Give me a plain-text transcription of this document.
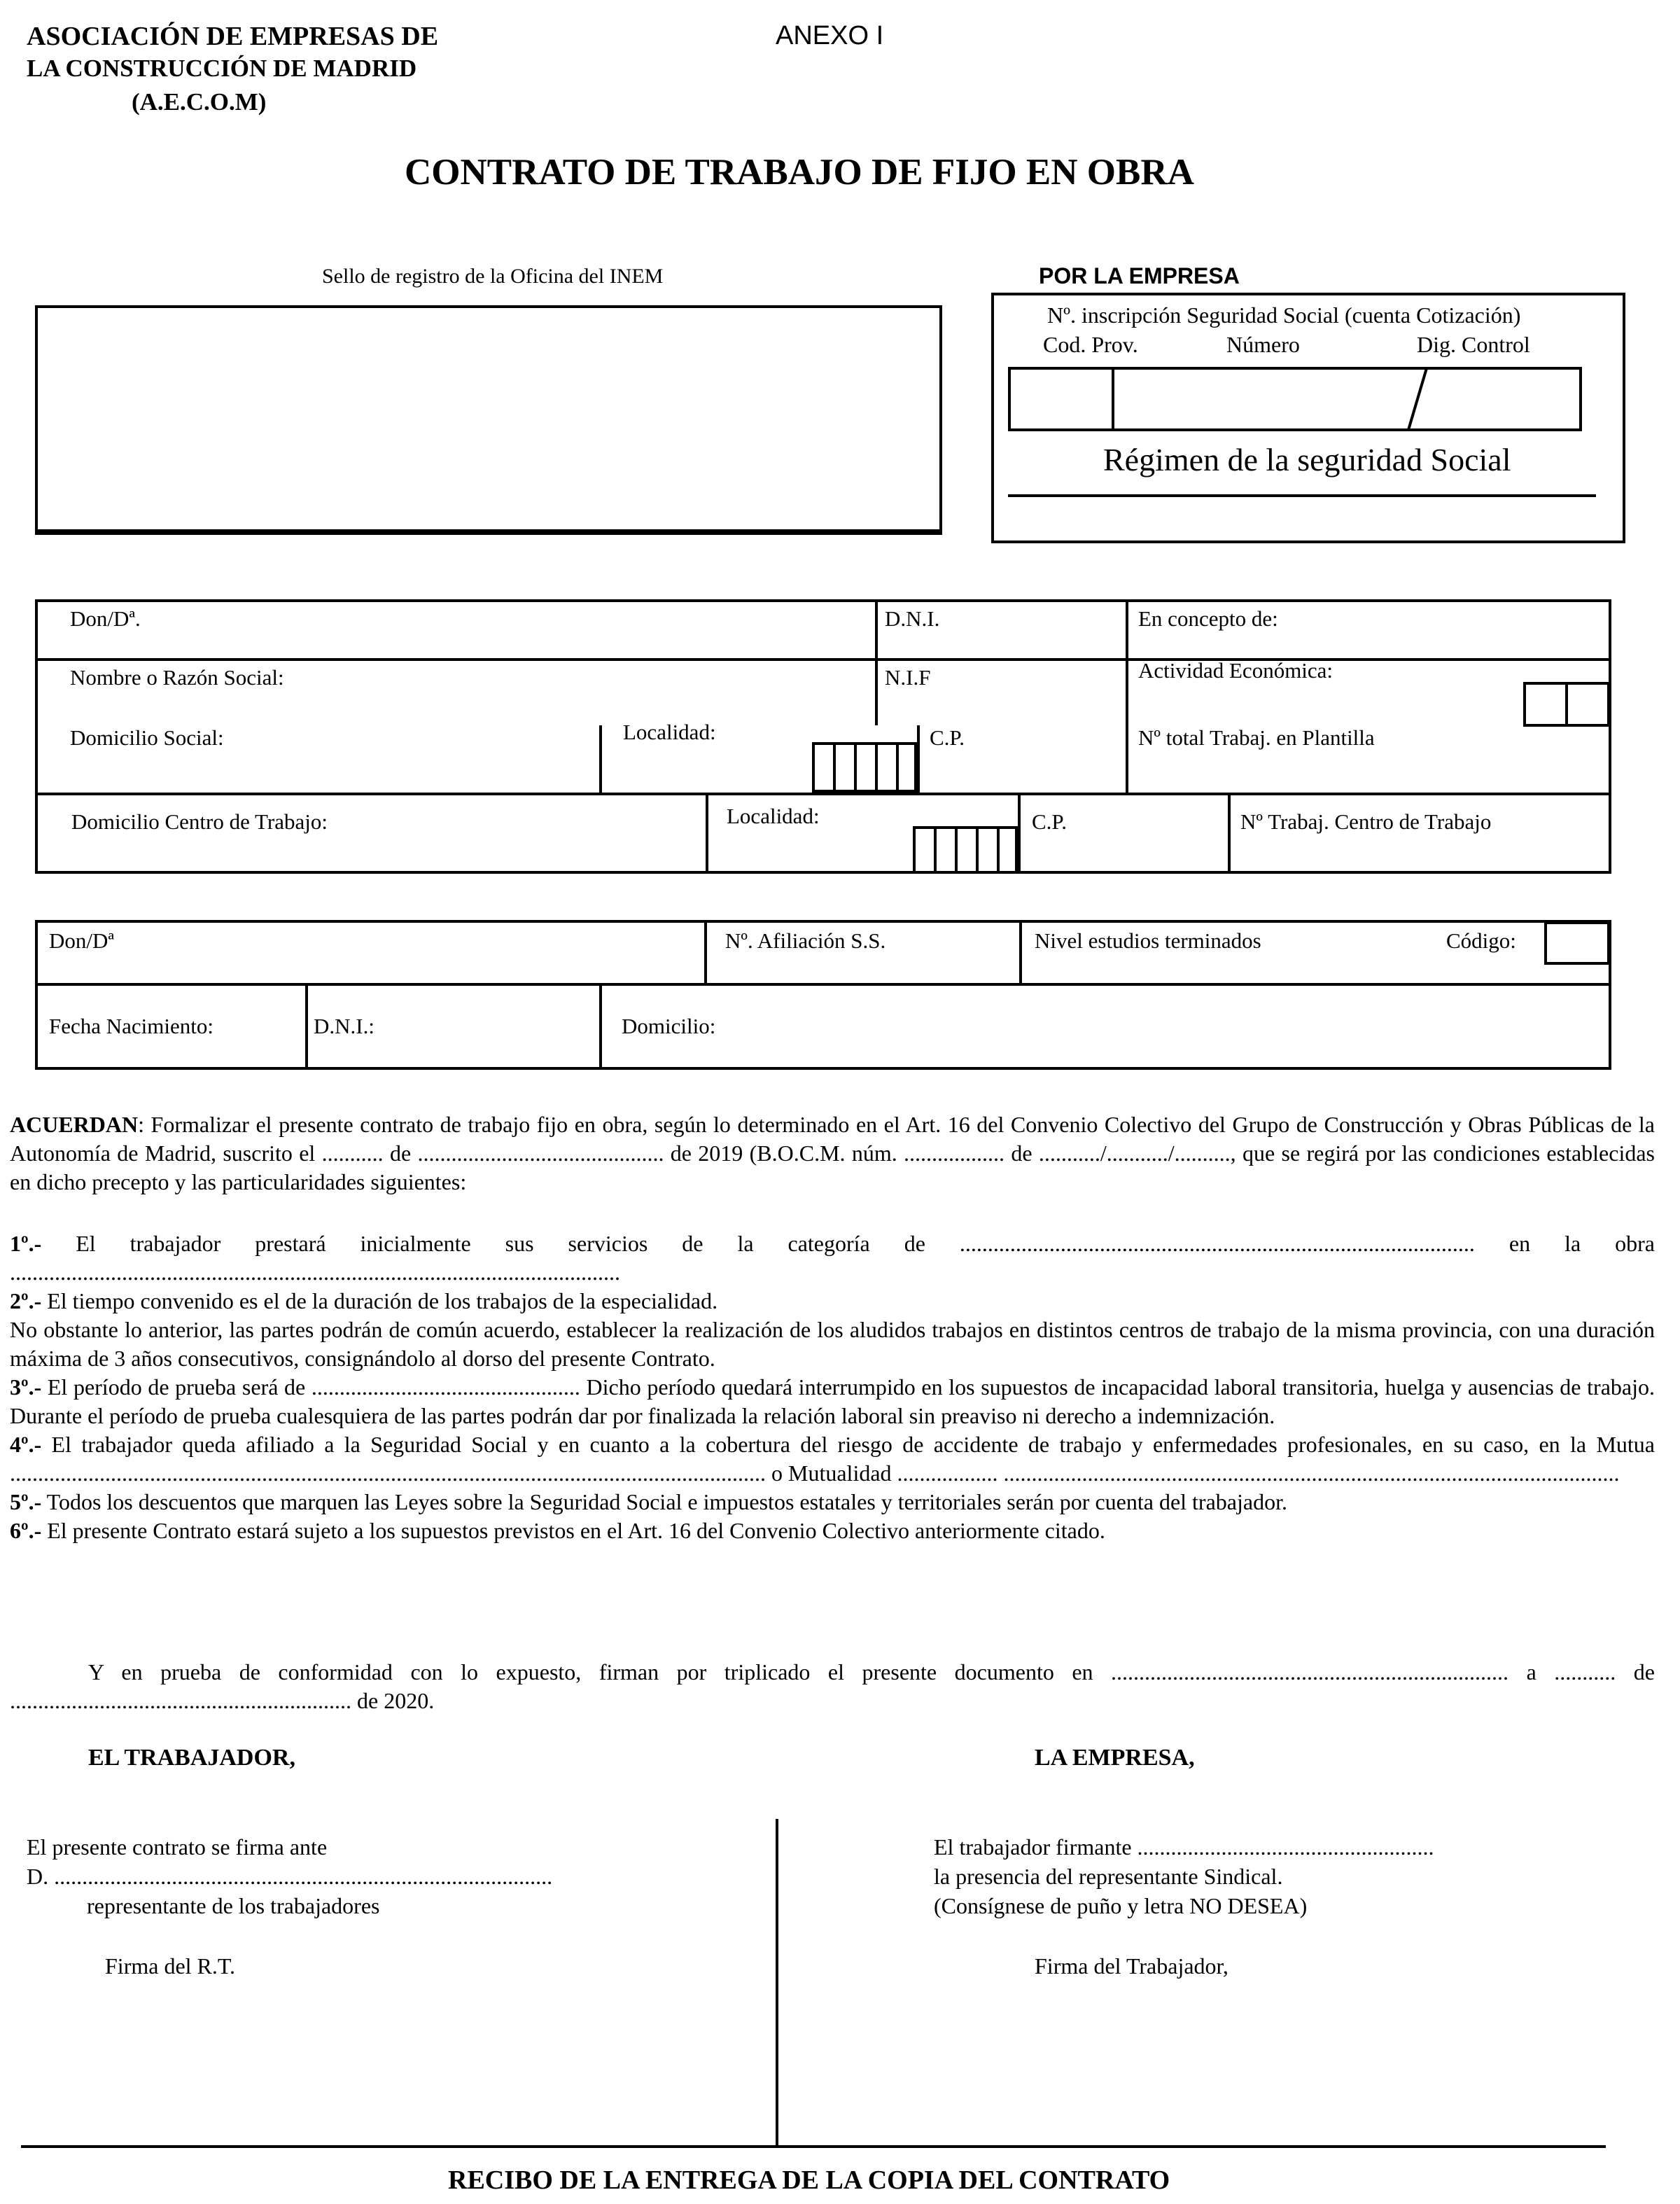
ASOCIACIÓN DE EMPRESAS DE
LA CONSTRUCCIÓN DE MADRID
(A.E.C.O.M)
ANEXO I
CONTRATO DE TRABAJO DE FIJO EN OBRA
Sello de registro de la Oficina del INEM	POR LA EMPRESA
Nº. inscripción Seguridad Social (cuenta Cotización)
Cod. Prov.	Número	Dig. Control
Régimen de la seguridad Social
Don/Dª.	D.N.I.	En concepto de:
Nombre o Razón Social:	N.I.F	Actividad Económica:
Domicilio Social:	Localidad:	C.P.	Nº total Trabaj. en Plantilla
Domicilio Centro de Trabajo:	Localidad:	C.P.	Nº Trabaj. Centro de Trabajo
Don/Dª	Nº. Afiliación S.S.	Nivel estudios terminados	Código:
Fecha Nacimiento:	D.N.I.:	Domicilio:

ACUERDAN: Formalizar el presente contrato de trabajo fijo en obra, según lo determinado en el Art. 16 del Convenio Colectivo del Grupo de Construcción y Obras Públicas de la Autonomía de Madrid, suscrito el ........... de ............................................ de 2019 (B.O.C.M. núm. .................. de .........../.........../.........., que se regirá por las condiciones establecidas en dicho precepto y las particularidades siguientes:

1º.- El trabajador prestará inicialmente sus servicios de la categoría de ............................................................................................ en la obra .............................................................................................................

2º.- El tiempo convenido es el de la duración de los trabajos de la especialidad.

No obstante lo anterior, las partes podrán de común acuerdo, establecer la realización de los aludidos trabajos en distintos centros de trabajo de la misma provincia, con una duración máxima de 3 años consecutivos, consignándolo al dorso del presente Contrato.

3º.- El período de prueba será de ................................................ Dicho período quedará interrumpido en los supuestos de incapacidad laboral transitoria, huelga y ausencias de trabajo. Durante el período de prueba cualesquiera de las partes podrán dar por finalizada la relación laboral sin preaviso ni derecho a indemnización.

4º.- El trabajador queda afiliado a la Seguridad Social y en cuanto a la cobertura del riesgo de accidente de trabajo y enfermedades profesionales, en su caso, en la Mutua ....................................................................................................................................... o Mutualidad .................. ..............................................................................................................

5º.- Todos los descuentos que marquen las Leyes sobre la Seguridad Social e impuestos estatales y territoriales serán por cuenta del trabajador.

6º.- El presente Contrato estará sujeto a los supuestos previstos en el Art. 16 del Convenio Colectivo anteriormente citado.

Y en prueba de conformidad con lo expuesto, firman por triplicado el presente documento en ....................................................................... a ........... de ............................................................. de 2020.
EL TRABAJADOR,	LA EMPRESA,
El presente contrato se firma ante
D. .........................................................................................
representante de los trabajadores
Firma del R.T.
El trabajador firmante .....................................................
la presencia del representante Sindical.
(Consígnese de puño y letra NO DESEA)
Firma del Trabajador,
RECIBO DE LA ENTREGA DE LA COPIA DEL CONTRATO
